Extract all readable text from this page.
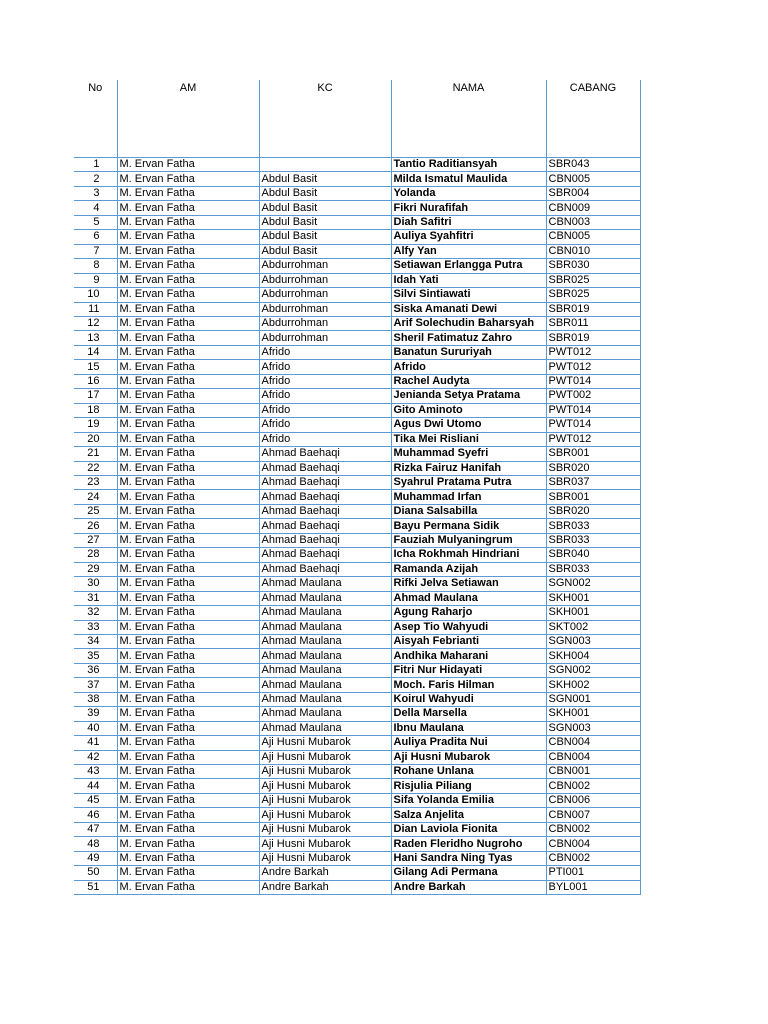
No	AM	KC	NAMA	CABANG
1	M. Ervan Fatha		Tantio Raditiansyah	SBR043
2	M. Ervan Fatha	Abdul Basit	Milda Ismatul Maulida	CBN005
3	M. Ervan Fatha	Abdul Basit	Yolanda	SBR004
4	M. Ervan Fatha	Abdul Basit	Fikri Nurafifah	CBN009
5	M. Ervan Fatha	Abdul Basit	Diah Safitri	CBN003
6	M. Ervan Fatha	Abdul Basit	Auliya Syahfitri	CBN005
7	M. Ervan Fatha	Abdul Basit	Alfy Yan	CBN010
8	M. Ervan Fatha	Abdurrohman	Setiawan Erlangga Putra	SBR030
9	M. Ervan Fatha	Abdurrohman	Idah Yati	SBR025
10	M. Ervan Fatha	Abdurrohman	Silvi Sintiawati	SBR025
11	M. Ervan Fatha	Abdurrohman	Siska Amanati Dewi	SBR019
12	M. Ervan Fatha	Abdurrohman	Arif Solechudin Baharsyah	SBR011
13	M. Ervan Fatha	Abdurrohman	Sheril Fatimatuz Zahro	SBR019
14	M. Ervan Fatha	Afrido	Banatun Sururiyah	PWT012
15	M. Ervan Fatha	Afrido	Afrido	PWT012
16	M. Ervan Fatha	Afrido	Rachel Audyta	PWT014
17	M. Ervan Fatha	Afrido	Jenianda Setya Pratama	PWT002
18	M. Ervan Fatha	Afrido	Gito Aminoto	PWT014
19	M. Ervan Fatha	Afrido	Agus Dwi Utomo	PWT014
20	M. Ervan Fatha	Afrido	Tika Mei Risliani	PWT012
21	M. Ervan Fatha	Ahmad Baehaqi	Muhammad Syefri	SBR001
22	M. Ervan Fatha	Ahmad Baehaqi	Rizka Fairuz Hanifah	SBR020
23	M. Ervan Fatha	Ahmad Baehaqi	Syahrul Pratama Putra	SBR037
24	M. Ervan Fatha	Ahmad Baehaqi	Muhammad Irfan	SBR001
25	M. Ervan Fatha	Ahmad Baehaqi	Diana Salsabilla	SBR020
26	M. Ervan Fatha	Ahmad Baehaqi	Bayu Permana Sidik	SBR033
27	M. Ervan Fatha	Ahmad Baehaqi	Fauziah Mulyaningrum	SBR033
28	M. Ervan Fatha	Ahmad Baehaqi	Icha Rokhmah Hindriani	SBR040
29	M. Ervan Fatha	Ahmad Baehaqi	Ramanda Azijah	SBR033
30	M. Ervan Fatha	Ahmad Maulana	Rifki Jelva Setiawan	SGN002
31	M. Ervan Fatha	Ahmad Maulana	Ahmad Maulana	SKH001
32	M. Ervan Fatha	Ahmad Maulana	Agung Raharjo	SKH001
33	M. Ervan Fatha	Ahmad Maulana	Asep Tio Wahyudi	SKT002
34	M. Ervan Fatha	Ahmad Maulana	Aisyah Febrianti	SGN003
35	M. Ervan Fatha	Ahmad Maulana	Andhika Maharani	SKH004
36	M. Ervan Fatha	Ahmad Maulana	Fitri Nur Hidayati	SGN002
37	M. Ervan Fatha	Ahmad Maulana	Moch. Faris Hilman	SKH002
38	M. Ervan Fatha	Ahmad Maulana	Koirul Wahyudi	SGN001
39	M. Ervan Fatha	Ahmad Maulana	Della Marsella	SKH001
40	M. Ervan Fatha	Ahmad Maulana	Ibnu Maulana	SGN003
41	M. Ervan Fatha	Aji Husni Mubarok	Auliya Pradita Nui	CBN004
42	M. Ervan Fatha	Aji Husni Mubarok	Aji Husni Mubarok	CBN004
43	M. Ervan Fatha	Aji Husni Mubarok	Rohane Unlana	CBN001
44	M. Ervan Fatha	Aji Husni Mubarok	Risjulia Piliang	CBN002
45	M. Ervan Fatha	Aji Husni Mubarok	Sifa Yolanda Emilia	CBN006
46	M. Ervan Fatha	Aji Husni Mubarok	Salza Anjelita	CBN007
47	M. Ervan Fatha	Aji Husni Mubarok	Dian Laviola Fionita	CBN002
48	M. Ervan Fatha	Aji Husni Mubarok	Raden Fleridho Nugroho	CBN004
49	M. Ervan Fatha	Aji Husni Mubarok	Hani Sandra Ning Tyas	CBN002
50	M. Ervan Fatha	Andre Barkah	Gilang Adi Permana	PTI001
51	M. Ervan Fatha	Andre Barkah	Andre Barkah	BYL001
